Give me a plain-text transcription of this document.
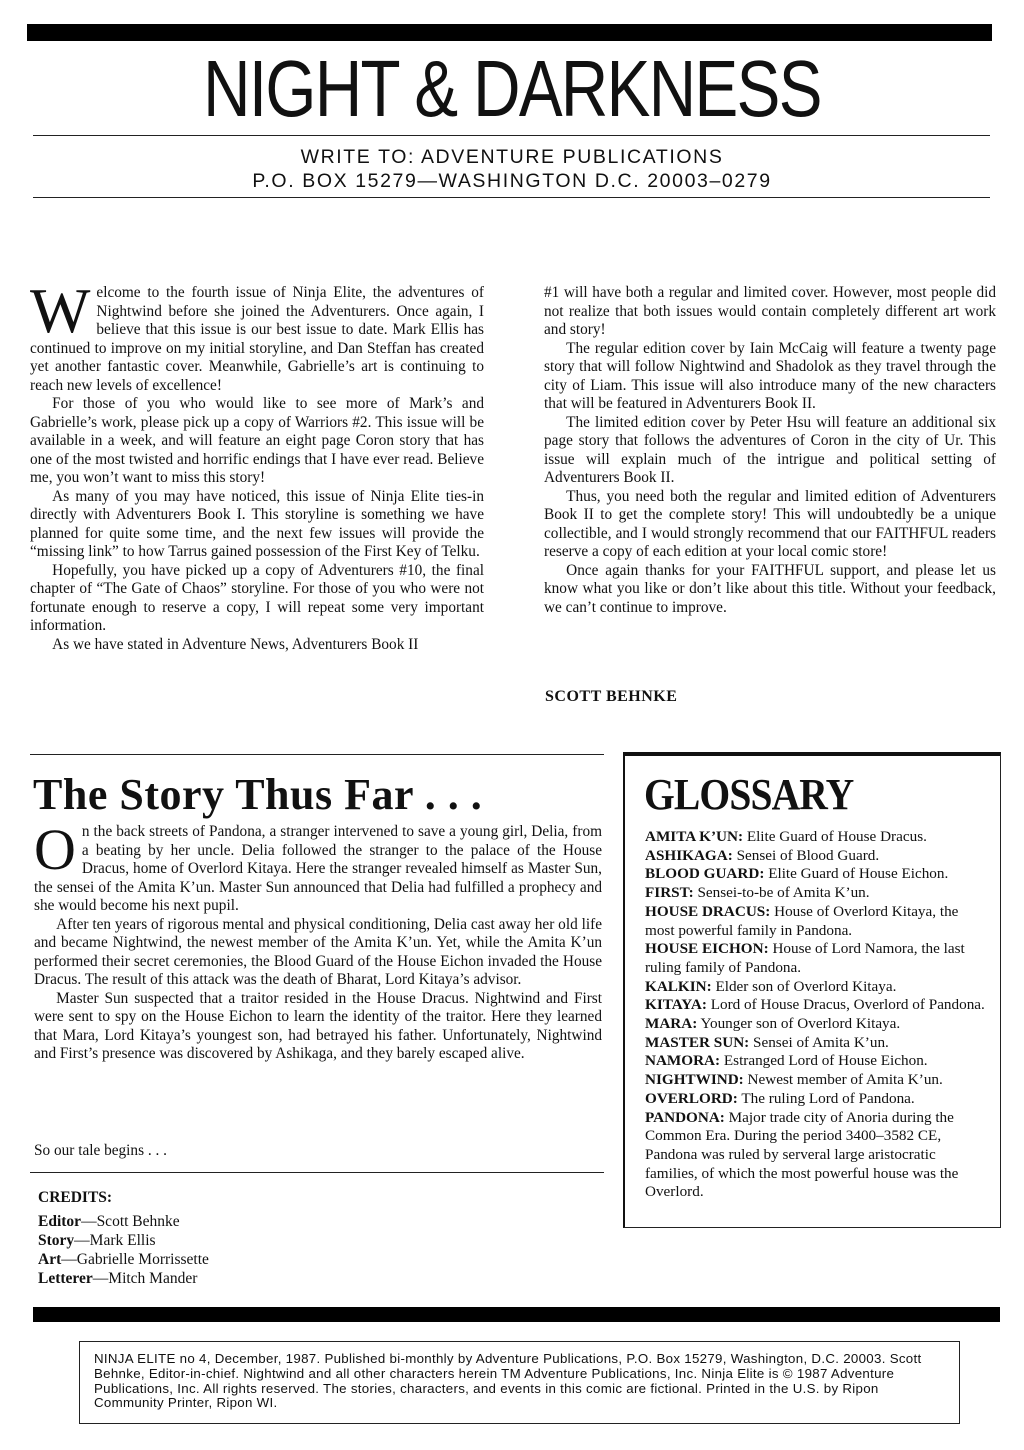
NIGHT & DARKNESS
WRITE TO: ADVENTURE PUBLICATIONS
P.O. BOX 15279—WASHINGTON D.C. 20003–0279

Welcome to the fourth issue of Ninja Elite, the adventures of Nightwind before she joined the Adventurers. Once again, I believe that this issue is our best issue to date. Mark Ellis has continued to improve on my initial storyline, and Dan Steffan has created yet another fantastic cover. Meanwhile, Gabrielle’s art is continuing to reach new levels of excellence!

For those of you who would like to see more of Mark’s and Gabrielle’s work, please pick up a copy of Warriors #2. This issue will be available in a week, and will feature an eight page Coron story that has one of the most twisted and horrific endings that I have ever read. Believe me, you won’t want to miss this story!

As many of you may have noticed, this issue of Ninja Elite ties-in directly with Adventurers Book I. This storyline is something we have planned for quite some time, and the next few issues will provide the “missing link” to how Tarrus gained possession of the First Key of Telku.

Hopefully, you have picked up a copy of Adventurers #10, the final chapter of “The Gate of Chaos” storyline. For those of you who were not fortunate enough to reserve a copy, I will repeat some very important information.

As we have stated in Adventure News, Adventurers Book II

#1 will have both a regular and limited cover. However, most people did not realize that both issues would contain completely different art work and story!

The regular edition cover by Iain McCaig will feature a twenty page story that will follow Nightwind and Shadolok as they travel through the city of Liam. This issue will also introduce many of the new characters that will be featured in Adventurers Book II.

The limited edition cover by Peter Hsu will feature an additional six page story that follows the adventures of Coron in the city of Ur. This issue will explain much of the intrigue and political setting of Adventurers Book II.

Thus, you need both the regular and limited edition of Adventurers Book II to get the complete story! This will undoubtedly be a unique collectible, and I would strongly recommend that our FAITHFUL readers reserve a copy of each edition at your local comic store!

Once again thanks for your FAITHFUL support, and please let us know what you like or don’t like about this title. Without your feedback, we can’t continue to improve.

SCOTT BEHNKE
The Story Thus Far . . .

On the back streets of Pandona, a stranger intervened to save a young girl, Delia, from a beating by her uncle. Delia followed the stranger to the palace of the House Dracus, home of Overlord Kitaya. Here the stranger revealed himself as Master Sun, the sensei of the Amita K’un. Master Sun announced that Delia had fulfilled a prophecy and she would become his next pupil.

After ten years of rigorous mental and physical conditioning, Delia cast away her old life and became Nightwind, the newest member of the Amita K’un. Yet, while the Amita K’un performed their secret ceremonies, the Blood Guard of the House Eichon invaded the House Dracus. The result of this attack was the death of Bharat, Lord Kitaya’s advisor.

Master Sun suspected that a traitor resided in the House Dracus. Nightwind and First were sent to spy on the House Eichon to learn the identity of the traitor. Here they learned that Mara, Lord Kitaya’s youngest son, had betrayed his father. Unfortunately, Nightwind and First’s presence was discovered by Ashikaga, and they barely escaped alive.

So our tale begins . . .
CREDITS:
Editor—Scott Behnke
Story—Mark Ellis
Art—Gabrielle Morrissette
Letterer—Mitch Mander
GLOSSARY
AMITA K’UN: Elite Guard of House Dracus.
ASHIKAGA: Sensei of Blood Guard.
BLOOD GUARD: Elite Guard of House Eichon.
FIRST: Sensei-to-be of Amita K’un.
HOUSE DRACUS: House of Overlord Kitaya, the most powerful family in Pandona.
HOUSE EICHON: House of Lord Namora, the last ruling family of Pandona.
KALKIN: Elder son of Overlord Kitaya.
KITAYA: Lord of House Dracus, Overlord of Pandona.
MARA: Younger son of Overlord Kitaya.
MASTER SUN: Sensei of Amita K’un.
NAMORA: Estranged Lord of House Eichon.
NIGHTWIND: Newest member of Amita K’un.
OVERLORD: The ruling Lord of Pandona.
PANDONA: Major trade city of Anoria during the Common Era. During the period 3400–3582 CE, Pandona was ruled by serveral large aristocratic families, of which the most powerful house was the Overlord.
NINJA ELITE no 4, December, 1987. Published bi-monthly by Adventure Publications, P.O. Box 15279, Washington, D.C. 20003. Scott Behnke, Editor-in-chief. Nightwind and all other characters herein TM Adventure Publications, Inc. Ninja Elite is © 1987 Adventure Publications, Inc. All rights reserved. The stories, characters, and events in this comic are fictional. Printed in the U.S. by Ripon Community Printer, Ripon WI.
